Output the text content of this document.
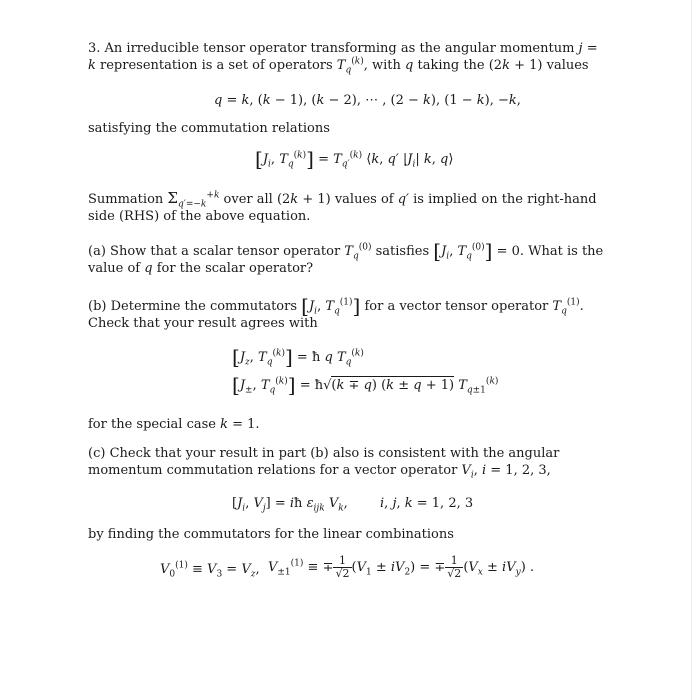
3. An irreducible tensor operator transforming as the angular momentum j = k representation is a set of operators $T_q^{(k)}$, with q taking the (2k + 1) values
q = k, (k − 1), (k − 2), ⋯ , (2 − k), (1 − k), −k,
satisfying the commutation relations
[$J_i$, $T_q^{(k)}] = T_{q'}^{(k)}$ ⟨k, q′ $|J_i|$ k, q⟩
Summation $\Sigma_{q'=-k}^{+k}$ over all (2k + 1) values of q′ is implied on the right-hand side (RHS) of the above equation.
(a) Show that a scalar tensor operator $T_q^{(0)}$ satisfies [$J_i$, $T_q^{(0)}] = 0$. What is the value of q for the scalar operator?
(b) Determine the commutators [$J_i$, $T_q^{(1)}$] for a vector tensor operator $T_q^{(1)}$. Check that your result agrees with
[$J_z$, $T_q^{(k)}$] = ħ q $T_q^{(k)}$
[$J_\pm$, $T_q^{(k)}$] = ħ√(k ∓ q) (k ± q + 1) $T_{q\pm 1}^{(k)}$
for the special case k = 1.
(c) Check that your result in part (b) also is consistent with the angular momentum commutation relations for a vector operator $V_i$, i = 1, 2, 3,
[$J_i$, $V_j$] = iħ $\varepsilon_{ijk}$ $V_k$, i, j, k = 1, 2, 3
by finding the commutators for the linear combinations
$V_0^{(1)} \equiv V_3 = V_z$, $V_{\pm 1}^{(1)}$ ≡ ∓ $\frac{1}{√2} (V_1 \pm iV_2)$ = ∓ $\frac{1}{√2} (V_x \pm iV_y)$ .
